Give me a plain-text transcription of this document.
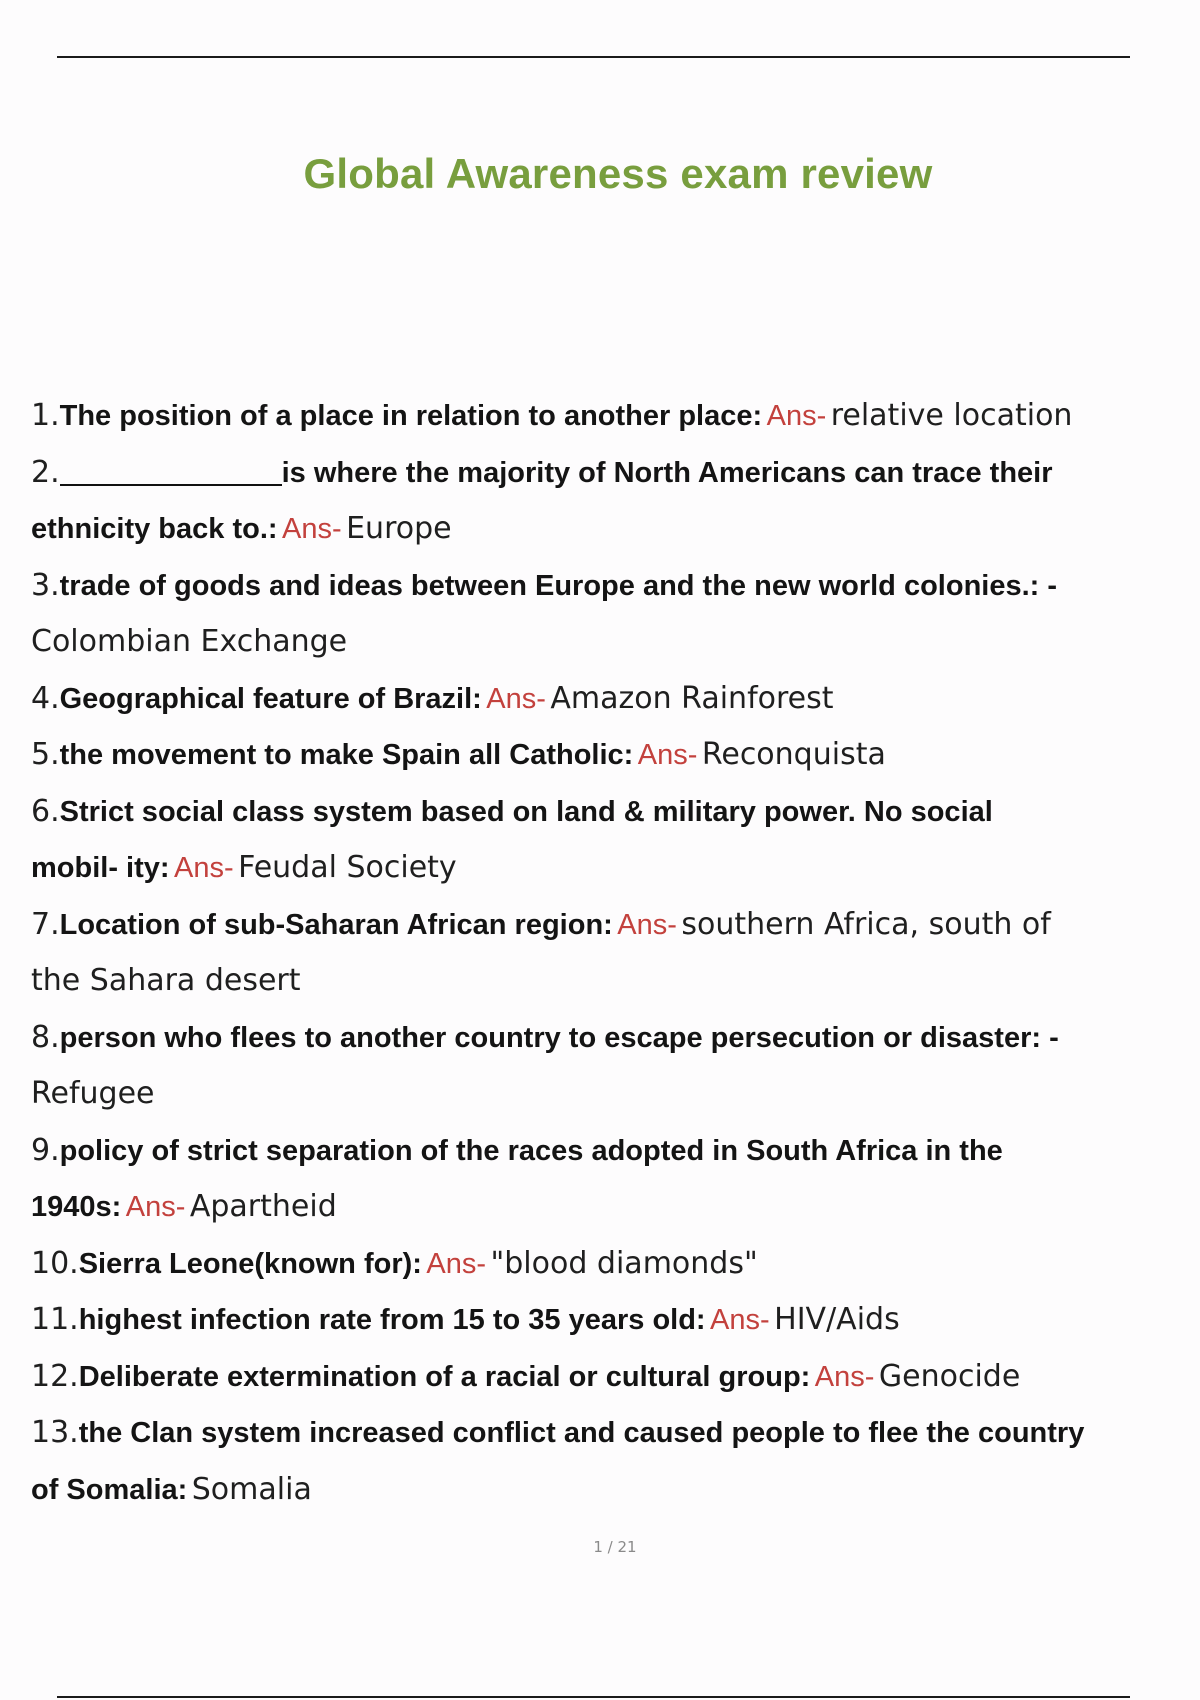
Global Awareness exam review
1.The position of a place in relation to another place: Ans- relative location
2.	is where the majority of North Americans can trace their
ethnicity back to.: Ans- Europe
3.trade of goods and ideas between Europe and the new world colonies.: -
Colombian Exchange
4.Geographical feature of Brazil: Ans- Amazon Rainforest
5.the movement to make Spain all Catholic: Ans- Reconquista
6.Strict social class system based on land & military power. No social
mobil- ity: Ans- Feudal Society
7.Location of sub-Saharan African region: Ans- southern Africa, south of
the Sahara desert
8.person who flees to another country to escape persecution or disaster: -
Refugee
9.policy of strict separation of the races adopted in South Africa in the
1940s: Ans- Apartheid
10.Sierra Leone(known for): Ans- "blood diamonds"
11.highest infection rate from 15 to 35 years old: Ans- HIV/Aids
12.Deliberate extermination of a racial or cultural group: Ans- Genocide
13.the Clan system increased conflict and caused people to flee the country
of Somalia: Somalia
1 / 21
